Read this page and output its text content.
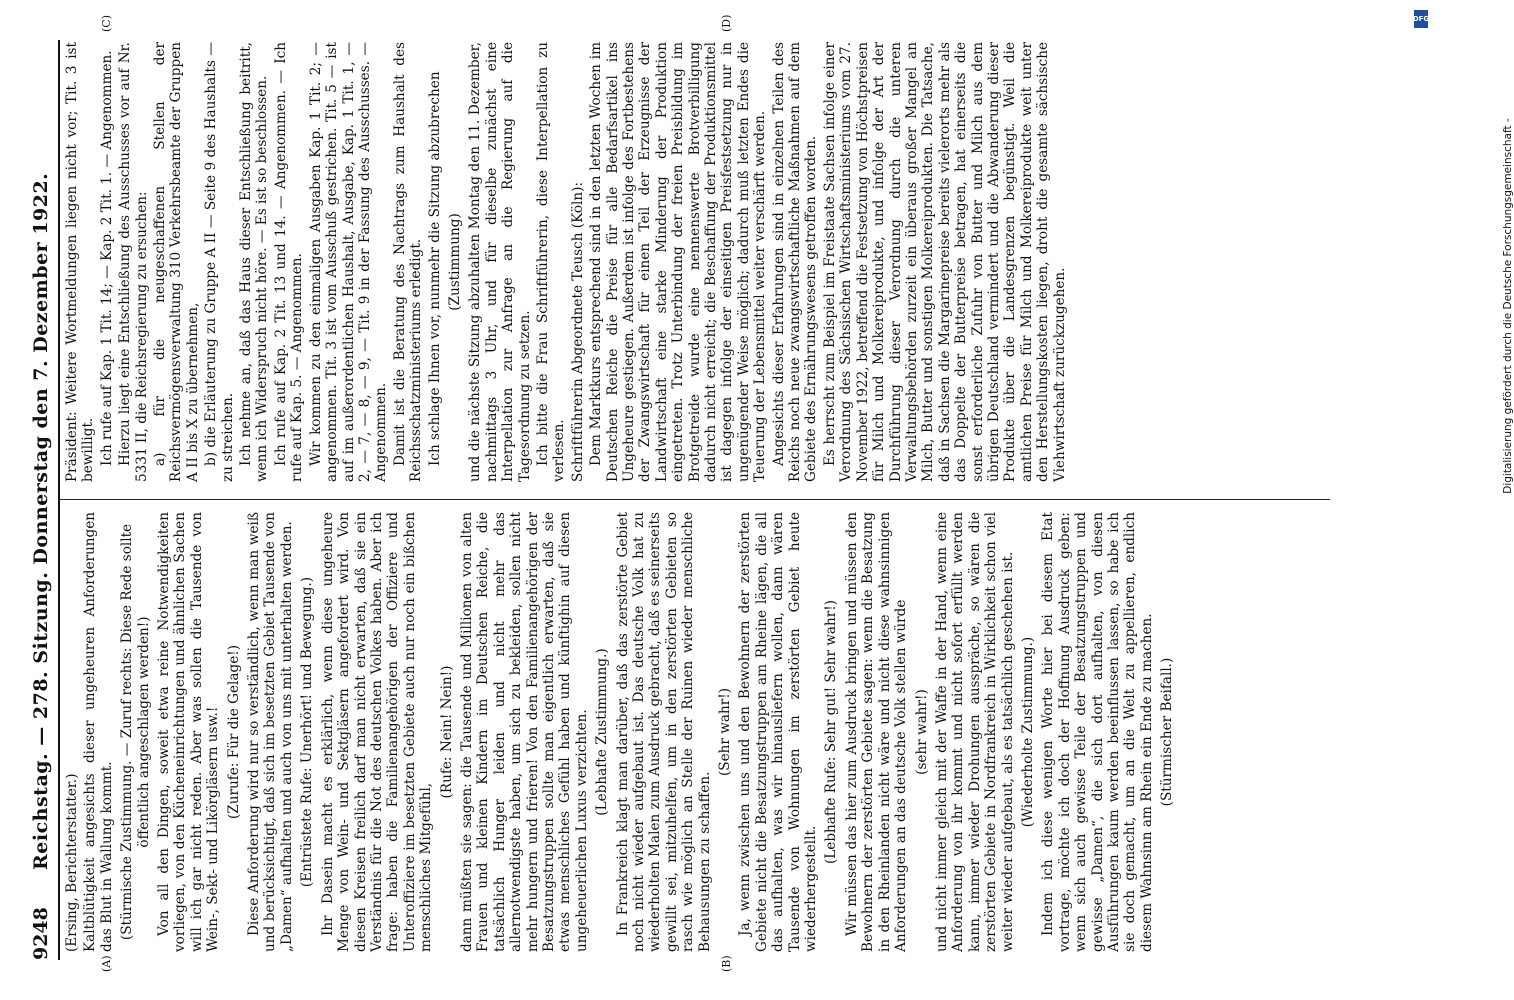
9248
Reichstag. — 278. Sitzung. Donnerstag den 7. Dezember 1922.
(A)	(B)
(C)	(D)

(Ersing, Berichterstatter.) Kaltblütigkeit angesichts dieser ungeheuren Anforderungen das Blut in Wallung kommt. (Stürmische Zustimmung. — Zuruf rechts: Diese Rede sollte öffentlich angeschlagen werden!) Von all den Dingen, soweit etwa reine Notwendigkeiten vorliegen, von den Kücheneinrichtungen und ähnlichen Sachen will ich gar nicht reden. Aber was sollen die Tausende von Wein-, Sekt- und Likörgläsern usw.! (Zurufe: Für die Gelage!) Diese Anforderung wird nur so verständlich, wenn man weiß und berücksichtigt, daß sich im besetzten Gebiet Tausende von „Damen“ aufhalten und auch von uns mit unterhalten werden. (Entrüstete Rufe: Unerhört! und Bewegung.) Ihr Dasein macht es erklärlich, wenn diese ungeheure Menge von Wein- und Sektgläsern angefordert wird. Von diesen Kreisen freilich darf man nicht erwarten, daß sie ein Verständnis für die Not des deutschen Volkes haben. Aber ich frage: haben die Familienangehörigen der Offiziere und Unteroffiziere im besetzten Gebiete auch nur noch ein bißchen menschliches Mitgefühl,

(Rufe: Nein! Nein!) dann müßten sie sagen: die Tausende und Millionen von alten Frauen und kleinen Kindern im Deutschen Reiche, die tatsächlich Hunger leiden und nicht mehr das allernotwendigste haben, um sich zu bekleiden, sollen nicht mehr hungern und frieren! Von den Familienangehörigen der Besatzungstruppen sollte man eigentlich erwarten, daß sie etwas menschliches Gefühl haben und künftighin auf diesen ungeheuerlichen Luxus verzichten. (Lebhafte Zustimmung.) In Frankreich klagt man darüber, daß das zerstörte Gebiet noch nicht wieder aufgebaut ist. Das deutsche Volk hat zu wiederholten Malen zum Ausdruck gebracht, daß es seinerseits gewillt sei, mitzuhelfen, um in den zerstörten Gebieten so rasch wie möglich an Stelle der Ruinen wieder menschliche Behausungen zu schaffen.

(Sehr wahr!) Ja, wenn zwischen uns und den Bewohnern der zerstörten Gebiete nicht die Besatzungstruppen am Rheine lägen, die all das aufhalten, was wir hinausliefern wollen, dann wären Tausende von Wohnungen im zerstörten Gebiet heute wiederhergestellt.

(Lebhafte Rufe: Sehr gut! Sehr wahr!) Wir müssen das hier zum Ausdruck bringen und müssen den Bewohnern der zerstörten Gebiete sagen: wenn die Besatzung in den Rheinlanden nicht wäre und nicht diese wahnsinnigen Anforderungen an das deutsche Volk stellen würde (sehr wahr!) und nicht immer gleich mit der Waffe in der Hand, wenn eine Anforderung von ihr kommt und nicht sofort erfüllt werden kann, immer wieder Drohungen ausspräche, so wären die zerstörten Gebiete in Nordfrankreich in Wirklichkeit schon viel weiter wieder aufgebaut, als es tatsächlich geschehen ist. (Wiederholte Zustimmung.) Indem ich diese wenigen Worte hier bei diesem Etat vortrage, möchte ich doch der Hoffnung Ausdruck geben: wenn sich auch gewisse Teile der Besatzungstruppen und gewisse „Damen“, die sich dort aufhalten, von diesen Ausführungen kaum werden beeinflussen lassen, so habe ich sie doch gemacht, um an die Welt zu appellieren, endlich diesem Wahnsinn am Rhein ein Ende zu machen. (Stürmischer Beifall.)

Präsident: Weitere Wortmeldungen liegen nicht vor; Tit. 3 ist bewilligt. Ich rufe auf Kap. 1 Tit. 14; — Kap. 2 Tit. 1. — Angenommen. Hierzu liegt eine Entschließung des Ausschusses vor auf Nr. 5331 II, die Reichsregierung zu ersuchen: a) für die neugeschaffenen Stellen der Reichsvermögensverwaltung 310 Verkehrsbeamte der Gruppen A II bis X zu übernehmen, b) die Erläuterung zu Gruppe A II — Seite 9 des Haushalts — zu streichen. Ich nehme an, daß das Haus dieser Entschließung beitritt, wenn ich Widerspruch nicht höre. — Es ist so beschlossen. Ich rufe auf Kap. 2 Tit. 13 und 14. — Angenommen. — Ich rufe auf Kap. 5. — Angenommen. Wir kommen zu den einmaligen Ausgaben Kap. 1 Tit. 2; — angenommen. Tit. 3 ist vom Ausschuß gestrichen. Tit. 5 — ist auf im außerordentlichen Haushalt, Ausgabe, Kap. 1 Tit. 1, — 2, — 7, — 8, — 9, — Tit. 9 in der Fassung des Ausschusses. — Angenommen. Damit ist die Beratung des Nachtrags zum Haushalt des Reichsschatzministeriums erledigt. Ich schlage Ihnen vor, nunmehr die Sitzung abzubrechen (Zustimmung) und die nächste Sitzung abzuhalten Montag den 11. Dezember, nachmittags 3 Uhr, und für dieselbe zunächst eine Interpellation zur Anfrage an die Regierung auf die Tagesordnung zu setzen. Ich bitte die Frau Schriftführerin, diese Interpellation zu verlesen. Schriftführerin Abgeordnete Teusch (Köln): Dem Marktkurs entsprechend sind in den letzten Wochen im Deutschen Reiche die Preise für alle Bedarfsartikel ins Ungeheure gestiegen. Außerdem ist infolge des Fortbestehens der Zwangswirtschaft für einen Teil der Erzeugnisse der Landwirtschaft eine starke Minderung der Produktion eingetreten. Trotz Unterbindung der freien Preisbildung im Brotgetreide wurde eine nennenswerte Brotverbilligung dadurch nicht erreicht; die Beschaffung der Produktionsmittel ist dagegen infolge der einseitigen Preisfestsetzung nur in ungenügender Weise möglich; dadurch muß letzten Endes die Teuerung der Lebensmittel weiter verschärft werden. Angesichts dieser Erfahrungen sind in einzelnen Teilen des Reichs noch neue zwangswirtschaftliche Maßnahmen auf dem Gebiete des Ernährungswesens getroffen worden. Es herrscht zum Beispiel im Freistaate Sachsen infolge einer Verordnung des Sächsischen Wirtschaftsministeriums vom 27. November 1922, betreffend die Festsetzung von Höchstpreisen für Milch und Molkereiprodukte, und infolge der Art der Durchführung dieser Verordnung durch die unteren Verwaltungsbehörden zurzeit ein überaus großer Mangel an Milch, Butter und sonstigen Molkereiprodukten. Die Tatsache, daß in Sachsen die Margarinepreise bereits vielerorts mehr als das Doppelte der Butterpreise betragen, hat einerseits die sonst erforderliche Zufuhr von Butter und Milch aus dem übrigen Deutschland vermindert und die Abwanderung dieser Produkte über die Landesgrenzen begünstigt. Weil die amtlichen Preise für Milch und Molkereiprodukte weit unter den Herstellungskosten liegen, droht die gesamte sächsische Viehwirtschaft zurückzugehen.

DFG
Digitalisierung gefördert durch die Deutsche Forschungsgemeinschaft -
